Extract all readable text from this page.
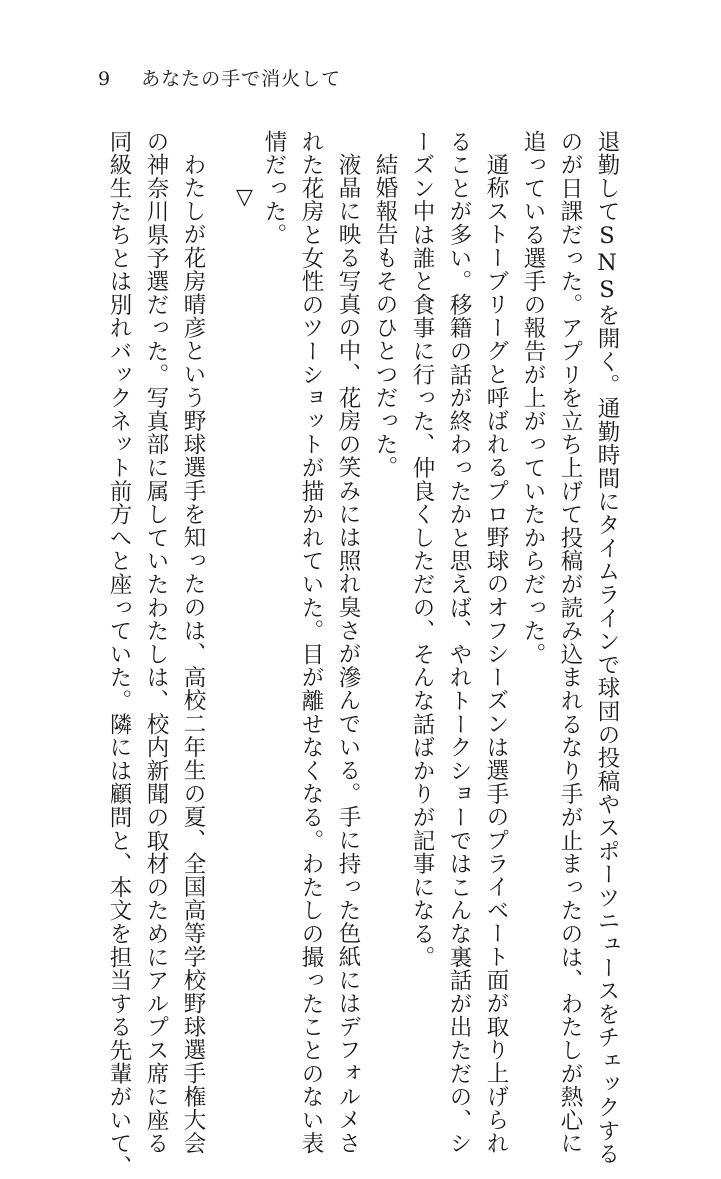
9 あなたの手で消火して
退勤してSNSを開く。通勤時間にタイムラインで球団の投稿やスポーツニュースをチェックする
のが日課だった。アプリを立ち上げて投稿が読み込まれるなり手が止まったのは、わたしが熱心に
追っている選手の報告が上がっていたからだった。
通称ストーブリーグと呼ばれるプロ野球のオフシーズンは選手のプライベート面が取り上げられ
ることが多い。移籍の話が終わったかと思えば、やれトークショーではこんな裏話が出ただの、シ
ーズン中は誰と食事に行った、仲良くしただの、そんな話ばかりが記事になる。
結婚報告もそのひとつだった。
液晶に映る写真の中、花房の笑みには照れ臭さが滲んでいる。手に持った色紙にはデフォルメさ
れた花房と女性のツーショットが描かれていた。目が離せなくなる。わたしの撮ったことのない表
情だった。
▽
わたしが花房晴彦という野球選手を知ったのは、高校二年生の夏、全国高等学校野球選手権大会
の神奈川県予選だった。写真部に属していたわたしは、校内新聞の取材のためにアルプス席に座る
同級生たちとは別れバックネット前方へと座っていた。隣には顧問と、本文を担当する先輩がいて、
